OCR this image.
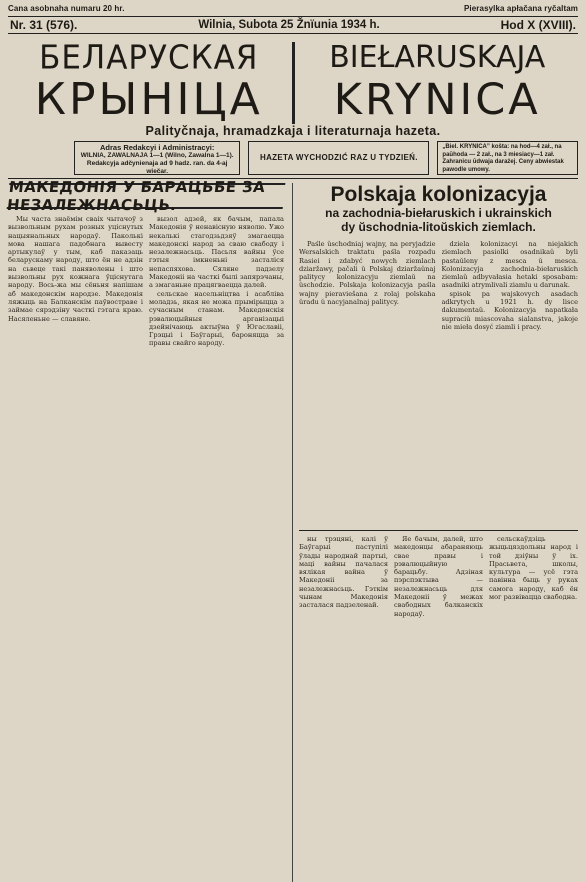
Cana asobnaha numaru 20 hr.	Pierasylka apłačana ryčaltam
Nr. 31 (576).	Wilnia, Subota 25 Žnïunia 1934 h.	Hod X (XVIII).
БЕЛАРУСКАЯ
КРЫНІЦА
BIEŁARUSKAJA
KRYNICA
Palityčnaja, hramadzkaja i literaturnaja hazeta.
Adras Redakcyi i Administracyi:
WILNIA, ZAWALNAJA 1—1 (Wilno, Zawalna 1—1).
Redakcyja adčynienaja ad 9 hadz. ran. da 4-aj wiečar.
HAZETA WYCHODZIĆ RAZ U TYDZIEŃ.
„Biel. KRYNICA” košta: na hod—4 zał., na paŭhoda — 2 zał., na 3 miesiacy—1 zał. Zahranicu ŭdwaja darażej. Ceny abwiestak pawodle umowy.
МАКЕДОНІЯ У БАРАЦЬБЕ ЗА НЕЗАЛЕЖНАСЬЦЬ.

Мы часта знаёмім сваіх чытачоў з вызвольным рухам розных уціснутых нацыянальных народаў. Паколькі мова нашага падобнага вывесту артыкулаў у тым, каб паказаць беларускаму народу, што ён не адзін на сьвеце такі паняволены і што вызвольны рух кожнага ўціснутага народу. Вось-жа мы сёньня напішам аб македонскім народзе. Македонія ляжыць на Балканскім паўвостраве і займае сярэдзіну часткі гэтага краю. Насяленьне — славяне.

вызол адзей, як бачым, папала Македонія ў ненавісную няволю. Ужо некалькі стагодзьдзяў змагаецца македонскі народ за сваю свабоду і незалежнасьць. Пасьля вайны ўсе гэтыя імкненьні засталіся непаспяхова. Сяляне падзелу Македоніі на часткі былі запярэчаны, а змаганьне працягваецца далей.

сельскае насельніцтва і асабліва моладзь, якая не можа прымірыцца з сучасным станам. Македонскія рэвалюцыйныя арганізацыі дзейнічаюць актыўна ў Югаславіі, Грэцыі і Баўгарыі, бароняцца за правы свайго народу.

Polskaja kolonizacyja
na zachodnia-biełaruskich i ukrainskich
dy ŭschodnia-litoŭskich ziemlach.

Paśle ŭschodniaj wajny, na peryjadzie Wersalskich traktatu paśla rozpadu Rasiei i zdabyć nowych ziemlach dziaržawy, pačali ŭ Polskaj dziaržaŭnaj palitycy kolonizacyju ziemlaŭ na ŭschodzie. Polskaja kolonizacyja paśla wajny pieraviešana z rolaj polskaha ŭradu ŭ nacyjanalnaj palitycy.

dziela kolonizacyi na niejakich ziemlach pasiolki osadnikaŭ byli pastaŭleny z mesca ŭ mesca. Kolonizacyja zachodnia-biełaruskich ziemlaŭ adbyvałasia hetaki sposabam: asadniki atrymlivali ziamlu u darunak.

spisok pa wajskovych asadach adkrytych u 1921 h. dy lisce dakumentaŭ. Kolonizacyja napatkała supraciŭ miascovaha sialanstva, jakoje nie mieła dosyć ziamli i pracy.

ны трэцяні, калі ў Баўгарыі паступілі ўлады народнай партыі, маці вайны пачалася вялікая вайна ў Македоніі за незалежнасьць. Гэткім чынам Македонія засталася падзеленай.

Яе бачым, далей, што македонцы абараняюць свае правы і рэвалюцыйную барацьбу. Адзіная пэрспэктыва — незалежнасьць для Македоніі ў межах свабодных балканскіх народаў.

сельскаўдзіць жыцьцяздольны народ і той дзіўны ў іх. Прасьвета, школы, культура — усё гэта павінна быць у руках самога народу, каб ён мог развівацца свабодна.
